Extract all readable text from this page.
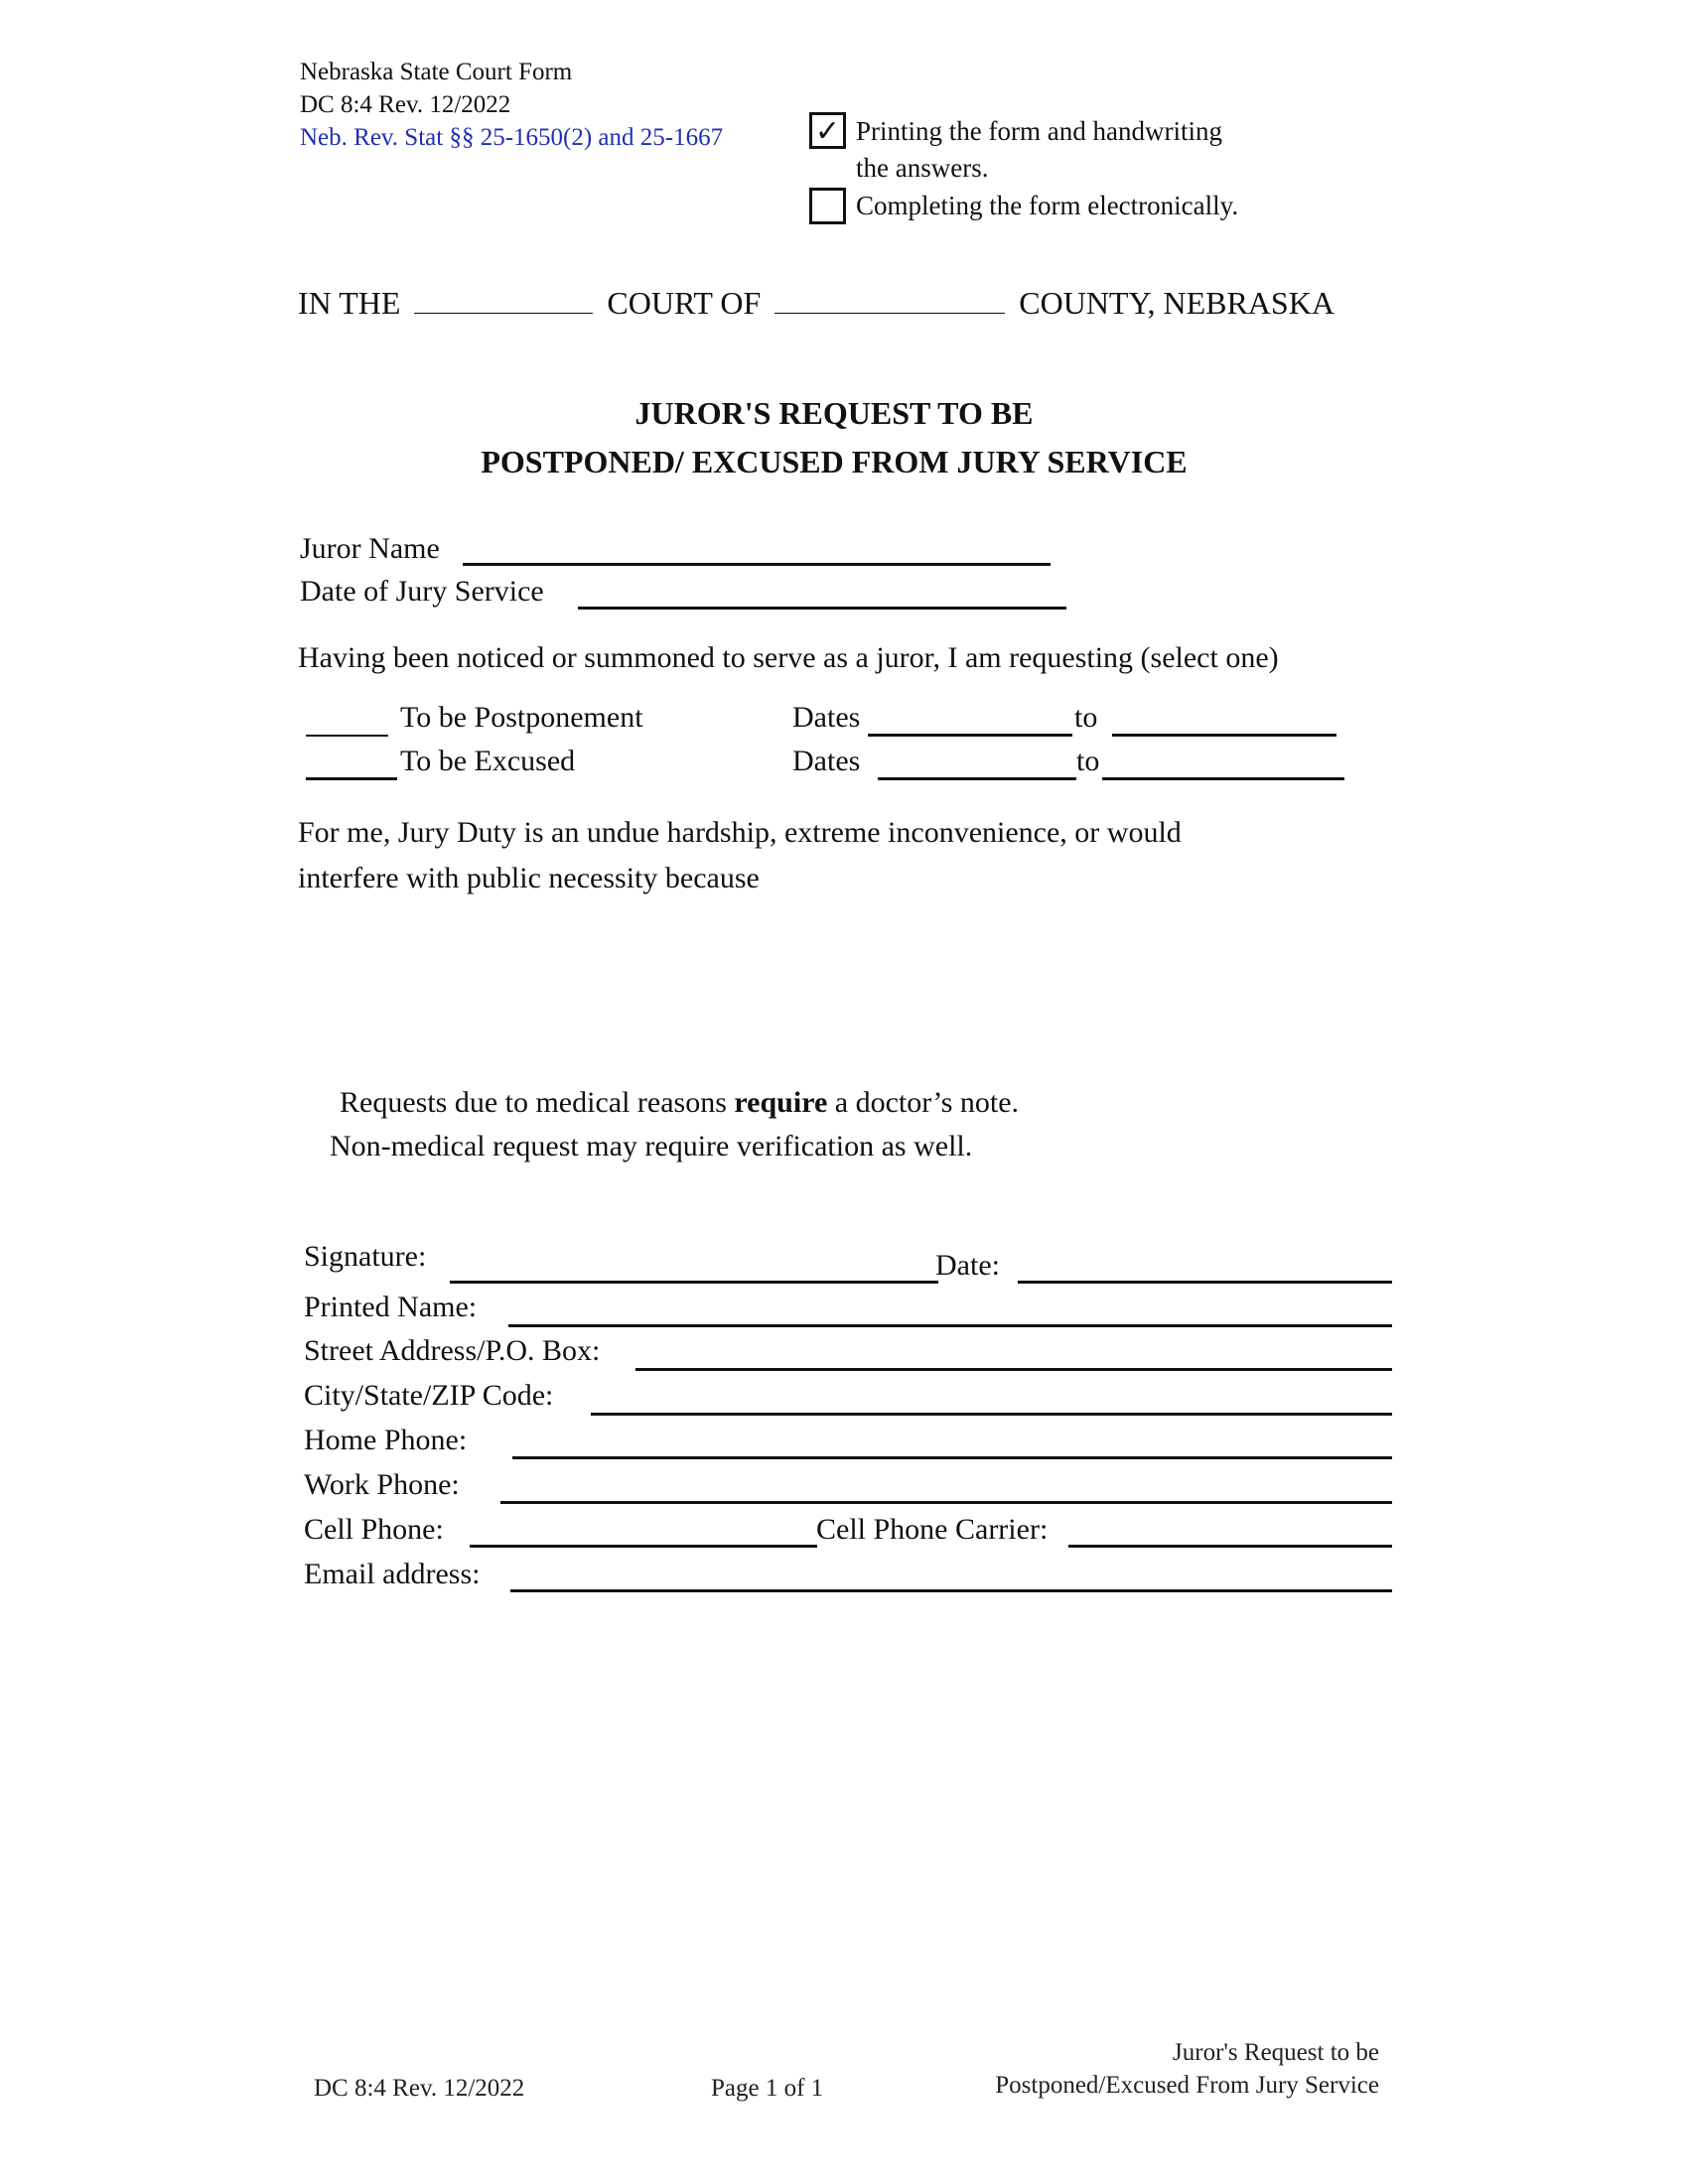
Nebraska State Court Form
DC 8:4 Rev. 12/2022
Neb. Rev. Stat §§ 25-1650(2) and 25-1667	✓ Printing the form and handwriting
the answers.
Completing the form electronically.
IN THE	COURT OF	COUNTY, NEBRASKA
JUROR'S REQUEST TO BE
POSTPONED/ EXCUSED FROM JURY SERVICE
Juror Name
Date of Jury Service
Having been noticed or summoned to serve as a juror, I am requesting (select one)
To be Postponement	Dates	to
To be Excused	Dates	to
For me, Jury Duty is an undue hardship, extreme inconvenience, or would
interfere with public necessity because
Requests due to medical reasons require a doctor’s note.
Non-medical request may require verification as well.
Signature:	Date:
Printed Name:
Street Address/P.O. Box:
City/State/ZIP Code:
Home Phone:
Work Phone:
Cell Phone:	Cell Phone Carrier:
Email address:
DC 8:4 Rev. 12/2022	Page 1 of 1
Juror's Request to be
Postponed/Excused From Jury Service
